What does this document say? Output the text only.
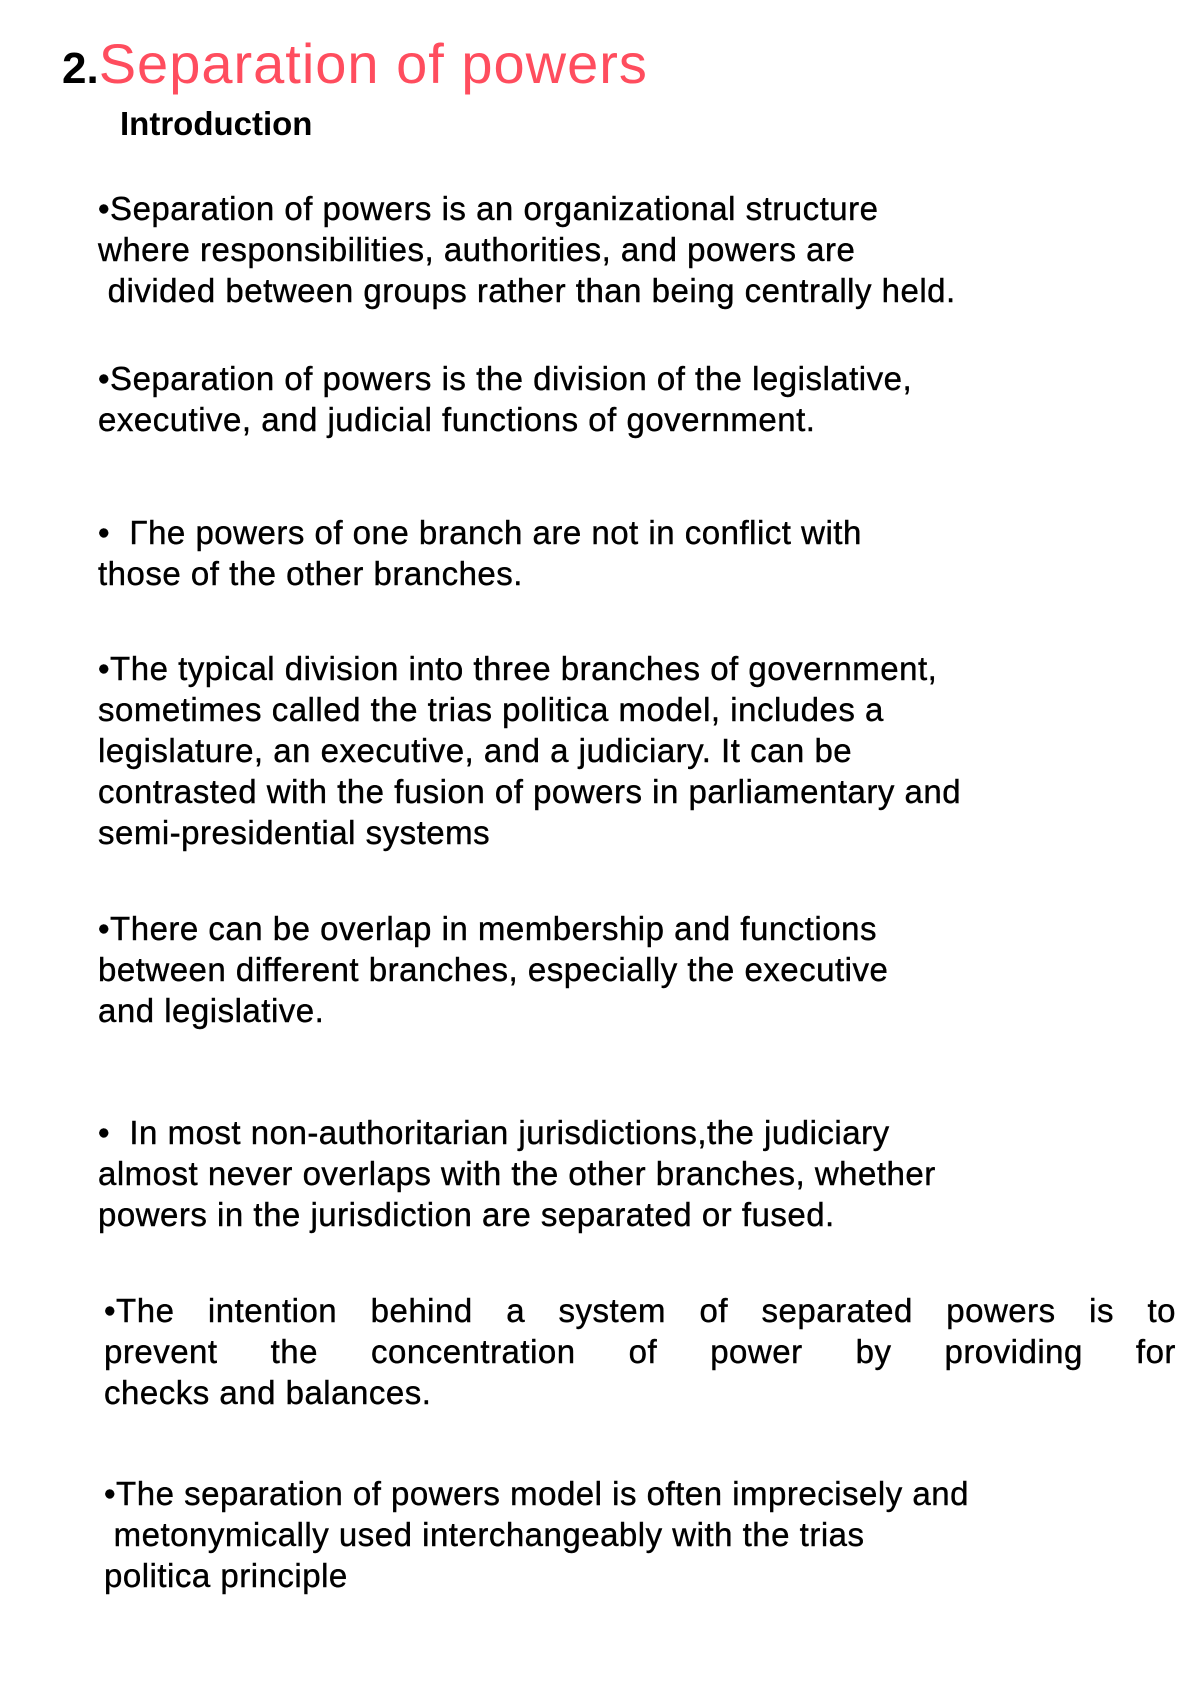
2.Separation of powers
Introduction
•Separation of powers is an organizational structure
where responsibilities, authorities, and powers are
divided between groups rather than being centrally held.
•Separation of powers is the division of the legislative,
executive, and judicial functions of government.
•  Γhe powers of one branch are not in conflict with
those of the other branches.
•The typical division into three branches of government,
sometimes called the trias politica model, includes a
legislature, an executive, and a judiciary. It can be
contrasted with the fusion of powers in parliamentary and
semi-presidential systems
•There can be overlap in membership and functions
between different branches, especially the executive
and legislative.
•  In most non-authoritarian jurisdictions,the judiciary
almost never overlaps with the other branches, whether
powers in the jurisdiction are separated or fused.
•The intention behind a system of separated powers is to
prevent the concentration of power by providing for
checks and balances.
•The separation of powers model is often imprecisely and
metonymically used interchangeably with the trias
politica principle
